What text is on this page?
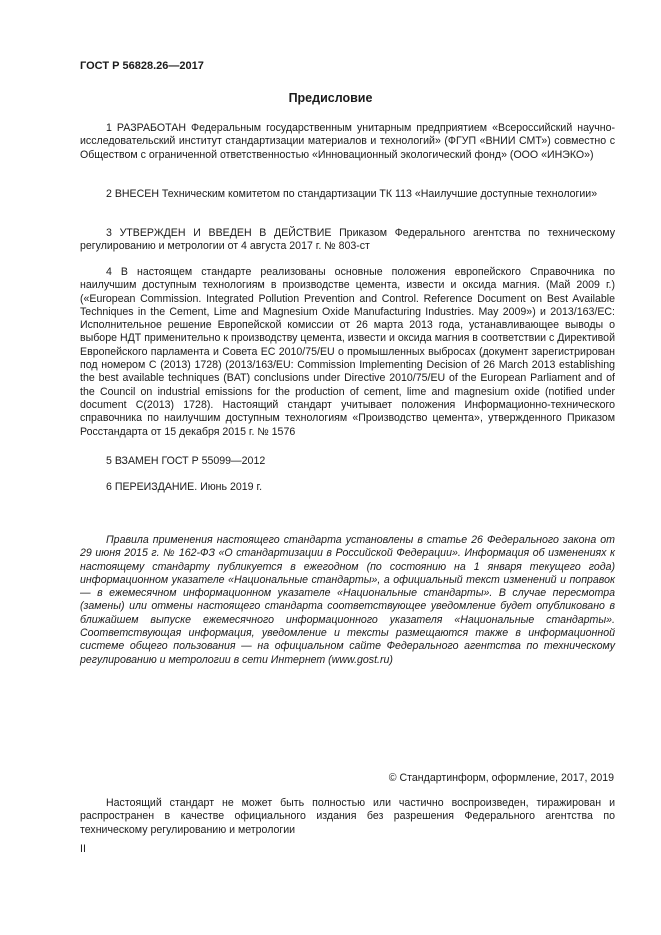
ГОСТ Р 56828.26—2017
Предисловие

1 РАЗРАБОТАН Федеральным государственным унитарным предприятием «Всероссийский научно-исследовательский институт стандартизации материалов и технологий» (ФГУП «ВНИИ СМТ») совместно с Обществом с ограниченной ответственностью «Инновационный экологический фонд» (ООО «ИНЭКО»)

2 ВНЕСЕН Техническим комитетом по стандартизации ТК 113 «Наилучшие доступные технологии»

3 УТВЕРЖДЕН И ВВЕДЕН В ДЕЙСТВИЕ Приказом Федерального агентства по техническому регулированию и метрологии от 4 августа 2017 г. № 803-ст

4 В настоящем стандарте реализованы основные положения европейского Справочника по наилучшим доступным технологиям в производстве цемента, извести и оксида магния. (Май 2009 г.) («European Commission. Integrated Pollution Prevention and Control. Reference Document on Best Available Techniques in the Cement, Lime and Magnesium Oxide Manufacturing Industries. May 2009») и 2013/163/EC: Исполнительное решение Европейской комиссии от 26 марта 2013 года, устанавливающее выводы о выборе НДТ применительно к производству цемента, извести и оксида магния в соответствии с Директивой Европейского парламента и Совета ЕС 2010/75/EU о промышленных выбросах (документ зарегистрирован под номером С (2013) 1728) (2013/163/EU: Commission Implementing Decision of 26 March 2013 establishing the best available techniques (BAT) conclusions under Directive 2010/75/EU of the European Parliament and of the Council on industrial emissions for the production of cement, lime and magnesium oxide (notified under document C(2013) 1728). Настоящий стандарт учитывает положения Информационно-технического справочника по наилучшим доступным технологиям «Производство цемента», утвержденного Приказом Росстандарта от 15 декабря 2015 г. № 1576

5 ВЗАМЕН ГОСТ Р 55099—2012

6 ПЕРЕИЗДАНИЕ. Июнь 2019 г.

Правила применения настоящего стандарта установлены в статье 26 Федерального закона от 29 июня 2015 г. № 162-ФЗ «О стандартизации в Российской Федерации». Информация об изменениях к настоящему стандарту публикуется в ежегодном (по состоянию на 1 января текущего года) информационном указателе «Национальные стандарты», а официальный текст изменений и поправок — в ежемесячном информационном указателе «Национальные стандарты». В случае пересмотра (замены) или отмены настоящего стандарта соответствующее уведомление будет опубликовано в ближайшем выпуске ежемесячного информационного указателя «Национальные стандарты». Соответствующая информация, уведомление и тексты размещаются также в информационной системе общего пользования — на официальном сайте Федерального агентства по техническому регулированию и метрологии в сети Интернет (www.gost.ru)

© Стандартинформ, оформление, 2017, 2019

Настоящий стандарт не может быть полностью или частично воспроизведен, тиражирован и распространен в качестве официального издания без разрешения Федерального агентства по техническому регулированию и метрологии

II
